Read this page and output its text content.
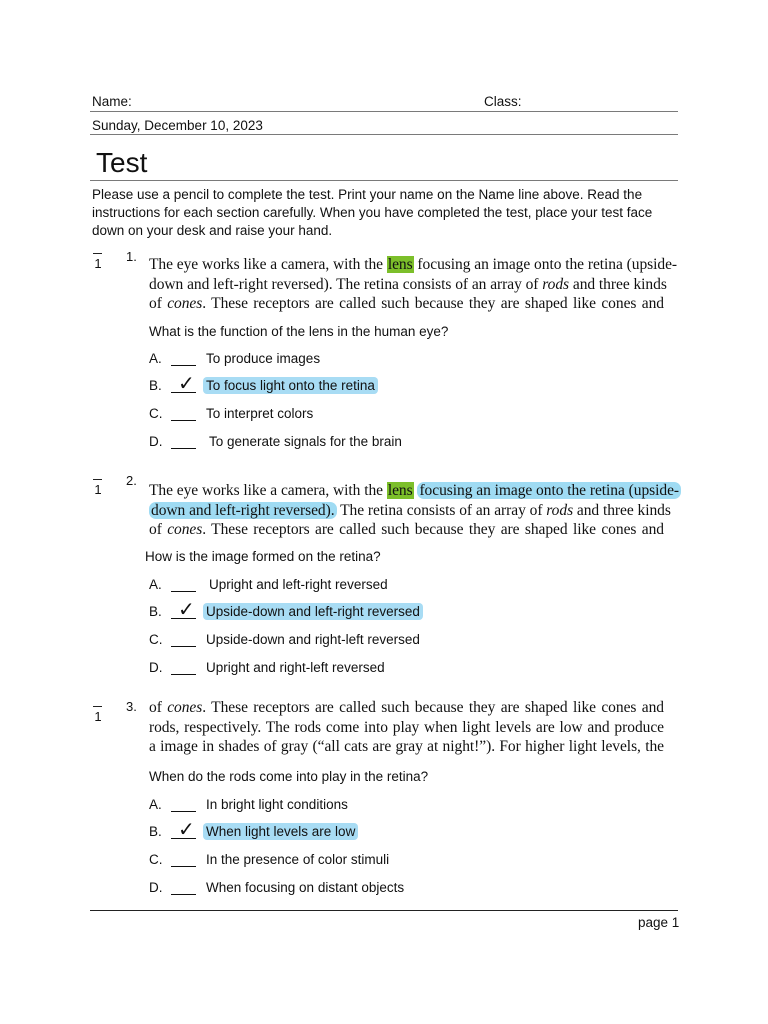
Name:	Class:
Sunday, December 10, 2023
Test
Please use a pencil to complete the test. Print your name on the Name line above. Read the instructions for each section carefully. When you have completed the test, place your test face down on your desk and raise your hand.
1 1. The eye works like a camera, with the lens focusing an image onto the retina (upside-
down and left-right reversed). The retina consists of an array of rods and three kinds
of cones. These receptors are called such because they are shaped like cones and
What is the function of the lens in the human eye?
A.	To produce images
B. ✓ To focus light onto the retina
C.	To interpret colors
D.	To generate signals for the brain
1
2.
The eye works like a camera, with the lens focusing an image onto the retina (upside-
down and left-right reversed). The retina consists of an array of rods and three kinds
of cones. These receptors are called such because they are shaped like cones and
How is the image formed on the retina?
A.	Upright and left-right reversed
B. ✓ Upside-down and left-right reversed
C.	Upside-down and right-left reversed
D.	Upright and right-left reversed
1
3. of cones. These receptors are called such because they are shaped like cones and
rods, respectively. The rods come into play when light levels are low and produce
a image in shades of gray (“all cats are gray at night!”). For higher light levels, the
When do the rods come into play in the retina?
A.	In bright light conditions
B. ✓ When light levels are low
C.	In the presence of color stimuli
D.	When focusing on distant objects
page 1
